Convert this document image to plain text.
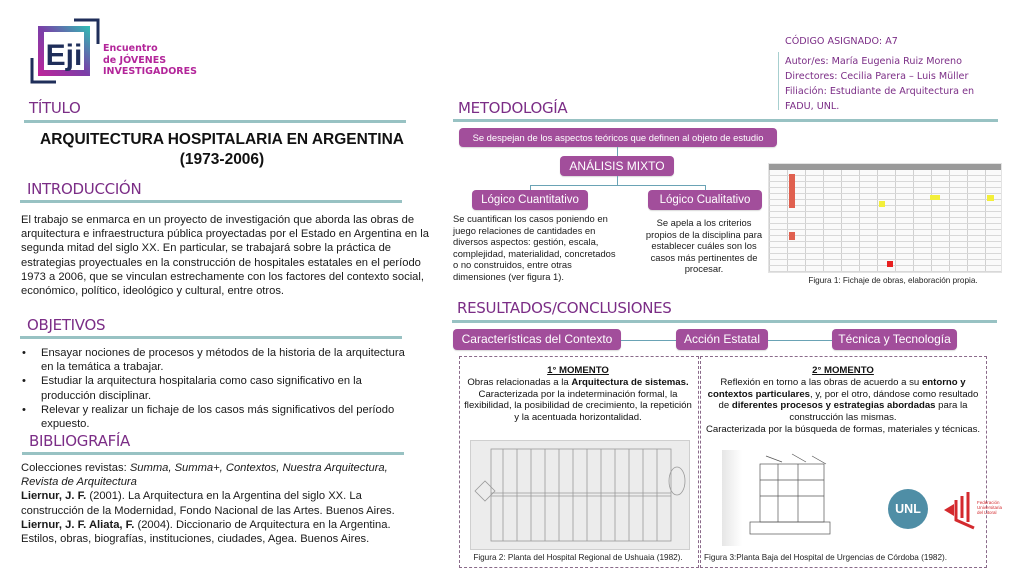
Eji Encuentro
de JÓVENES
INVESTIGADORES
CÓDIGO ASIGNADO: A7
Autor/es: María Eugenia Ruiz Moreno
Directores: Cecilia Parera – Luis Müller
Filiación: Estudiante de Arquitectura en
FADU, UNL.
TÍTULO
ARQUITECTURA HOSPITALARIA EN ARGENTINA
(1973-2006)
INTRODUCCIÓN
El trabajo se enmarca en un proyecto de investigación que aborda las obras de arquitectura e infraestructura pública proyectadas por el Estado en Argentina en la segunda mitad del siglo XX. En particular, se trabajará sobre la práctica de estrategias proyectuales en la construcción de hospitales estatales en el período 1973 a 2006, que se vinculan estrechamente con los factores del contexto social, económico, político, ideológico y cultural, entre otros.
OBJETIVOS
• Ensayar nociones de procesos y métodos de la historia de la arquitectura en la temática a trabajar.
• Estudiar la arquitectura hospitalaria como caso significativo en la producción disciplinar.
• Relevar y realizar un fichaje de los casos más significativos del período expuesto.
BIBLIOGRAFÍA
Colecciones revistas: Summa, Summa+, Contextos, Nuestra Arquitectura, Revista de Arquitectura
Liernur, J. F. (2001). La Arquitectura en la Argentina del siglo XX. La construcción de la Modernidad, Fondo Nacional de las Artes. Buenos Aires.
Liernur, J. F. Aliata, F. (2004). Diccionario de Arquitectura en la Argentina. Estilos, obras, biografías, instituciones, ciudades, Agea. Buenos Aires.
METODOLOGÍA
Se despejan de los aspectos teóricos que definen al objeto de estudio
ANÁLISIS MIXTO
Lógico Cuantitativo	Lógico Cualitativo
Se cuantifican los casos poniendo en juego relaciones de cantidades en diversos aspectos: gestión, escala, complejidad, materialidad, concretados o no construidos, entre otras dimensiones (ver figura 1).
Se apela a los criterios propios de la disciplina para establecer cuáles son los casos más pertinentes de procesar.
Figura 1: Fichaje de obras, elaboración propia.
RESULTADOS/CONCLUSIONES
Características del Contexto	Acción Estatal	Técnica y Tecnología
1° MOMENTO
Obras relacionadas a la Arquitectura de sistemas.
Caracterizada por la indeterminación formal, la flexibilidad, la posibilidad de crecimiento, la repetición y la acentuada horizontalidad.
Figura 2: Planta del Hospital Regional de Ushuaia (1982).
2° MOMENTO
Reflexión en torno a las obras de acuerdo a su entorno y contextos particulares, y, por el otro, dándose como resultado de diferentes procesos y estrategias abordadas para la construcción las mismas.
Caracterizada por la búsqueda de formas, materiales y técnicas.
Figura 3:Planta Baja del Hospital de Urgencias de Córdoba (1982).
UNL	Federación
Universitaria
del Litoral
